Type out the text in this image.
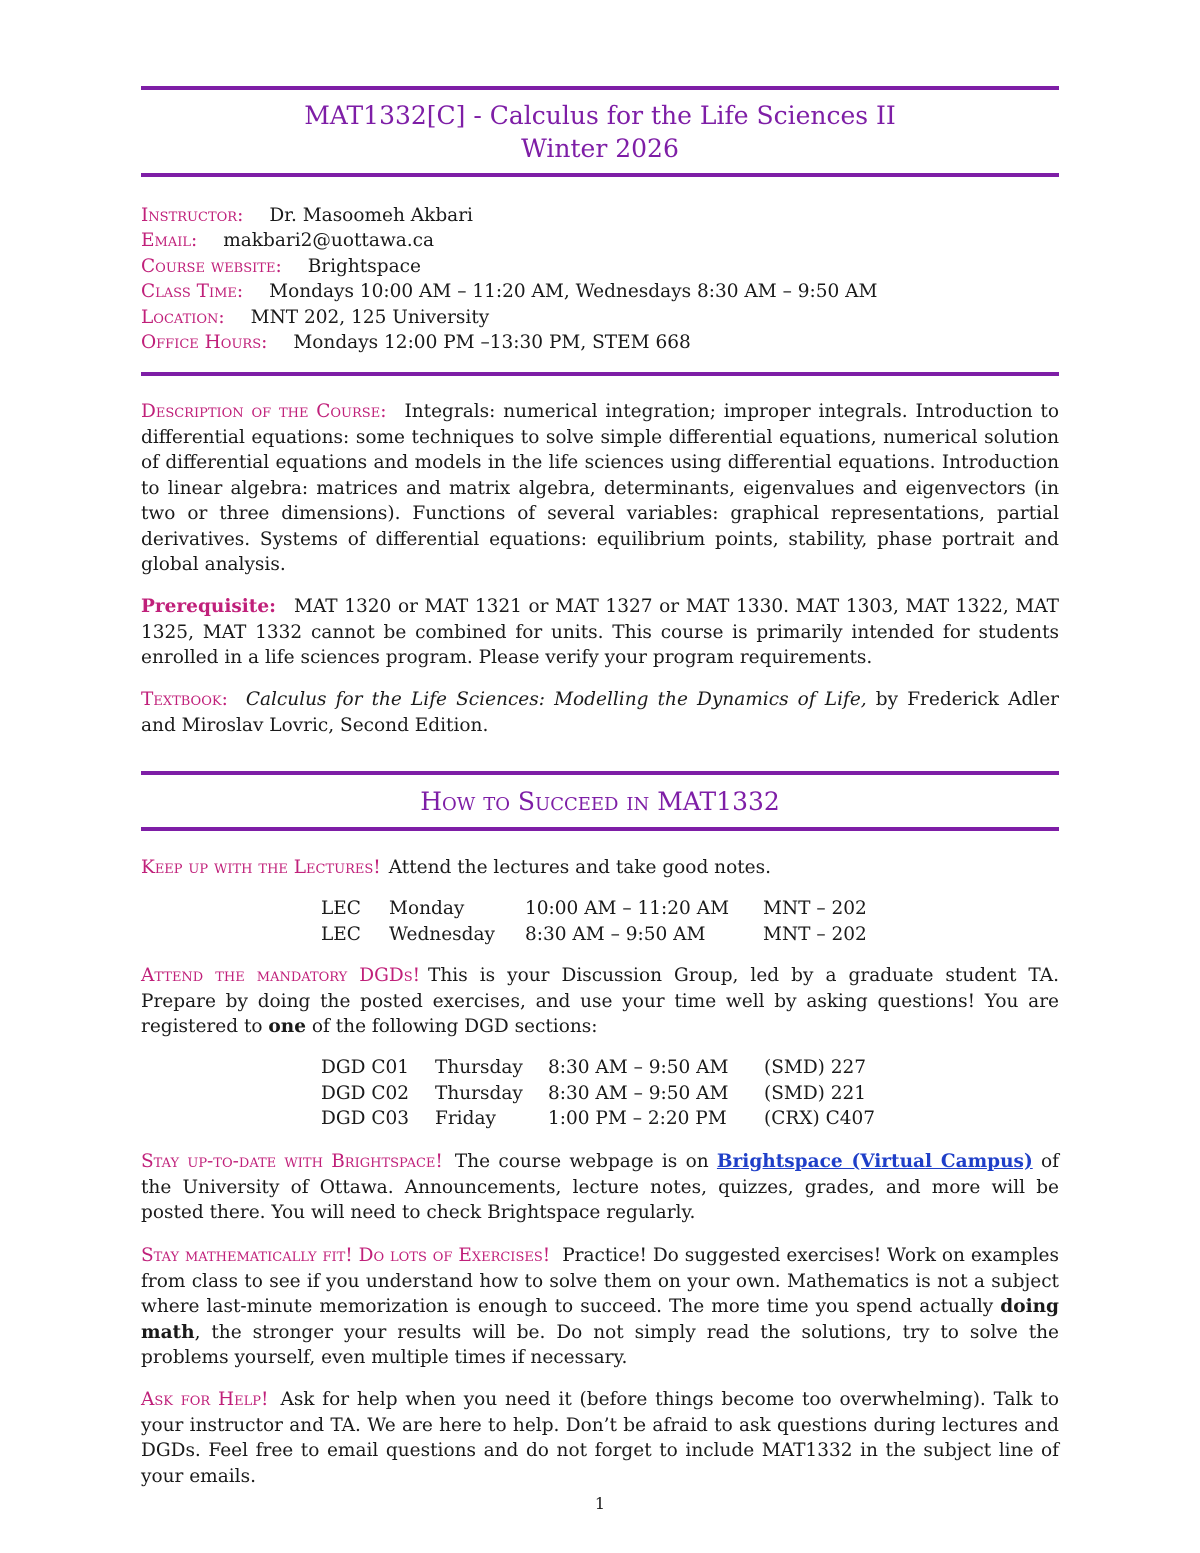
MAT1332[C] - Calculus for the Life Sciences II
Winter 2026
Instructor: Dr. Masoomeh Akbari
Email: makbari2@uottawa.ca
Course website: Brightspace
Class Time: Mondays 10:00 AM – 11:20 AM, Wednesdays 8:30 AM – 9:50 AM
Location: MNT 202, 125 University
Office Hours: Mondays 12:00 PM –13:30 PM, STEM 668
Description of the Course: Integrals: numerical integration; improper integrals. Introduction to differential equations: some techniques to solve simple differential equations, numerical solution of differential equations and models in the life sciences using differential equations. Introduction to linear algebra: matrices and matrix algebra, determinants, eigenvalues and eigenvectors (in two or three dimensions). Functions of several variables: graphical representations, partial derivatives. Systems of differential equations: equilibrium points, stability, phase portrait and global analysis.
Prerequisite: MAT 1320 or MAT 1321 or MAT 1327 or MAT 1330. MAT 1303, MAT 1322, MAT 1325, MAT 1332 cannot be combined for units. This course is primarily intended for students enrolled in a life sciences program. Please verify your program requirements.
Textbook: Calculus for the Life Sciences: Modelling the Dynamics of Life, by Frederick Adler and Miroslav Lovric, Second Edition.
How to Succeed in MAT1332
Keep up with the Lectures! Attend the lectures and take good notes.
LEC	Monday	10:00 AM – 11:20 AM	MNT – 202
LEC	Wednesday	8:30 AM – 9:50 AM	MNT – 202
Attend the mandatory DGDs! This is your Discussion Group, led by a graduate student TA. Prepare by doing the posted exercises, and use your time well by asking questions! You are registered to one of the following DGD sections:
DGD C01	Thursday	8:30 AM – 9:50 AM	(SMD) 227
DGD C02	Thursday	8:30 AM – 9:50 AM	(SMD) 221
DGD C03	Friday	1:00 PM – 2:20 PM	(CRX) C407
Stay up-to-date with Brightspace! The course webpage is on Brightspace (Virtual Campus) of the University of Ottawa. Announcements, lecture notes, quizzes, grades, and more will be posted there. You will need to check Brightspace regularly.
Stay mathematically fit! Do lots of Exercises! Practice! Do suggested exercises! Work on examples from class to see if you understand how to solve them on your own. Mathematics is not a subject where last-minute memorization is enough to succeed. The more time you spend actually doing math, the stronger your results will be. Do not simply read the solutions, try to solve the problems yourself, even multiple times if necessary.
Ask for Help! Ask for help when you need it (before things become too overwhelming). Talk to your instructor and TA. We are here to help. Don’t be afraid to ask questions during lectures and DGDs. Feel free to email questions and do not forget to include MAT1332 in the subject line of your emails.
1
